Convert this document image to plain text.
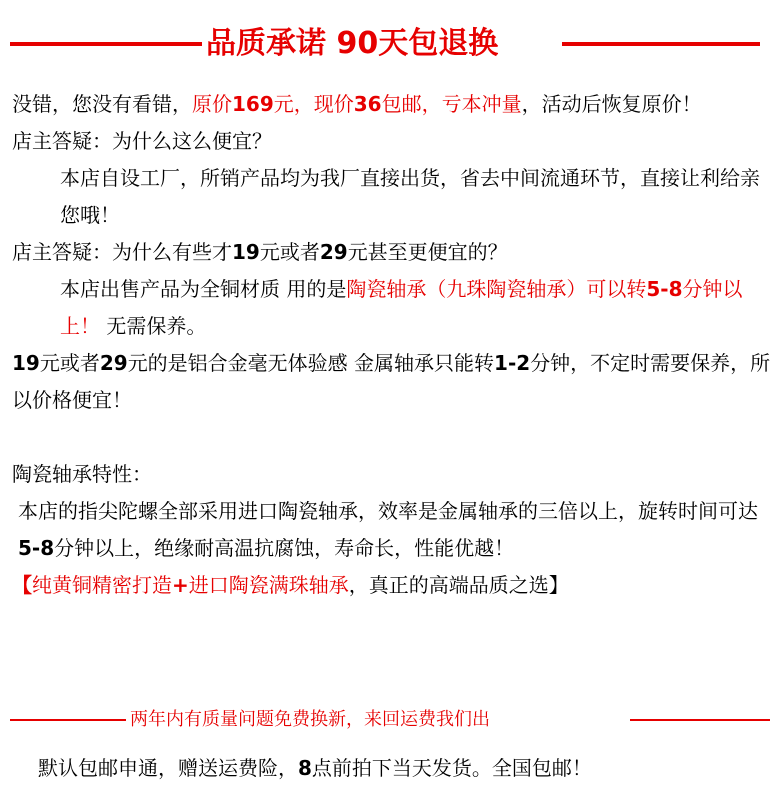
品质承诺 90天包退换

没错，您没有看错，原价169元，现价36包邮，亏本冲量，活动后恢复原价！

店主答疑：为什么这么便宜？

本店自设工厂，所销产品均为我厂直接出货，省去中间流通环节，直接让利给亲您哦！

店主答疑：为什么有些才19元或者29元甚至更便宜的？

本店出售产品为全铜材质 用的是陶瓷轴承（九珠陶瓷轴承）可以转5-8分钟以上！ 无需保养。

19元或者29元的是铝合金毫无体验感 金属轴承只能转1-2分钟，不定时需要保养，所以价格便宜！

陶瓷轴承特性：

本店的指尖陀螺全部采用进口陶瓷轴承，效率是金属轴承的三倍以上，旋转时间可达5-8分钟以上，绝缘耐高温抗腐蚀，寿命长，性能优越！

【纯黄铜精密打造+进口陶瓷满珠轴承，真正的高端品质之选】

两年内有质量问题免费换新，来回运费我们出
默认包邮申通，赠送运费险，8点前拍下当天发货。全国包邮！
